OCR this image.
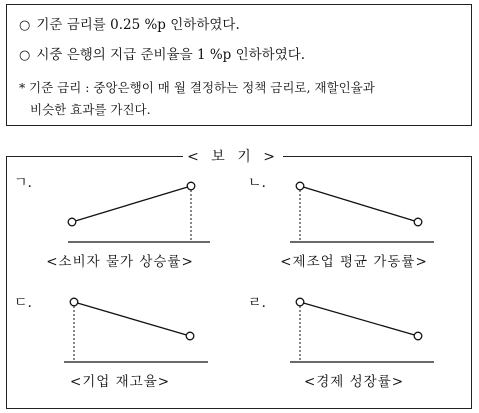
○ 기준 금리를 0.25 %p 인하하였다.
○ 시중 은행의 지급 준비율을 1 %p 인하하였다.
* 기준 금리 : 중앙은행이 매 월 결정하는 정책 금리로, 재할인율과
비슷한 효과를 가진다.
< 보 기 >
ㄱ.
<소비자 물가 상승률>
ㄴ.
<제조업 평균 가동률>
ㄷ.
<기업 재고율>
ㄹ.
<경제 성장률>
